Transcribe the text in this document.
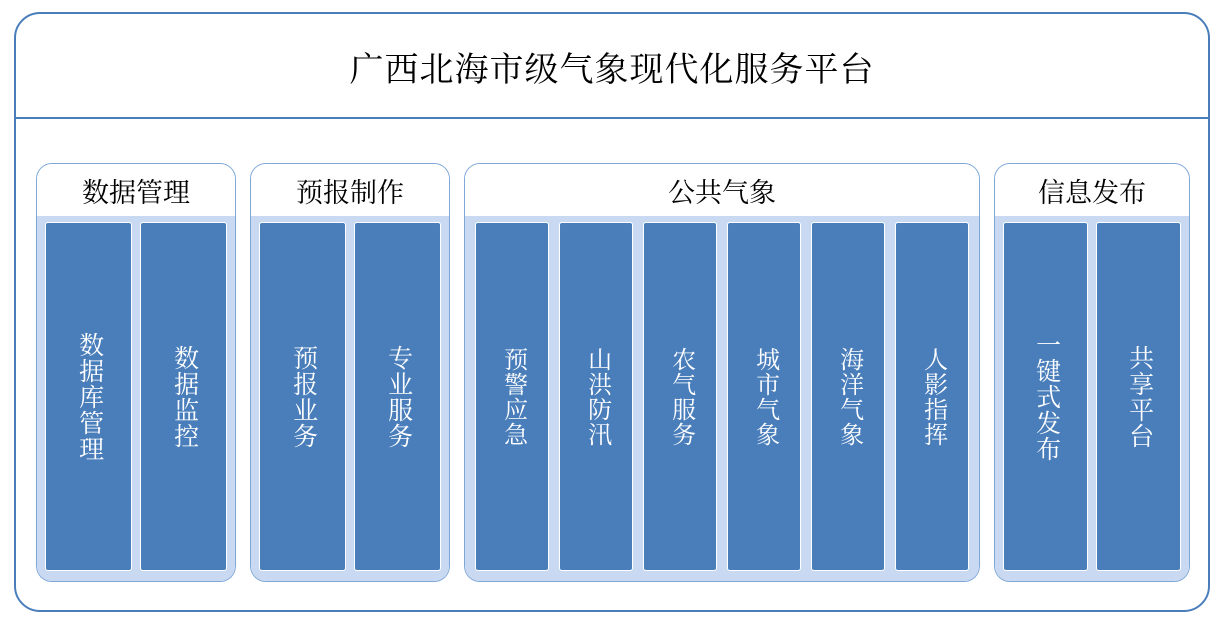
广西北海市级气象现代化服务平台
数据管理
数据库管理	数据监控
预报制作
预报业务	专业服务
公共气象
预警应急 山洪防汛 农气服务 城市气象 海洋气象 人影指挥
信息发布
一键式发布	共享平台
